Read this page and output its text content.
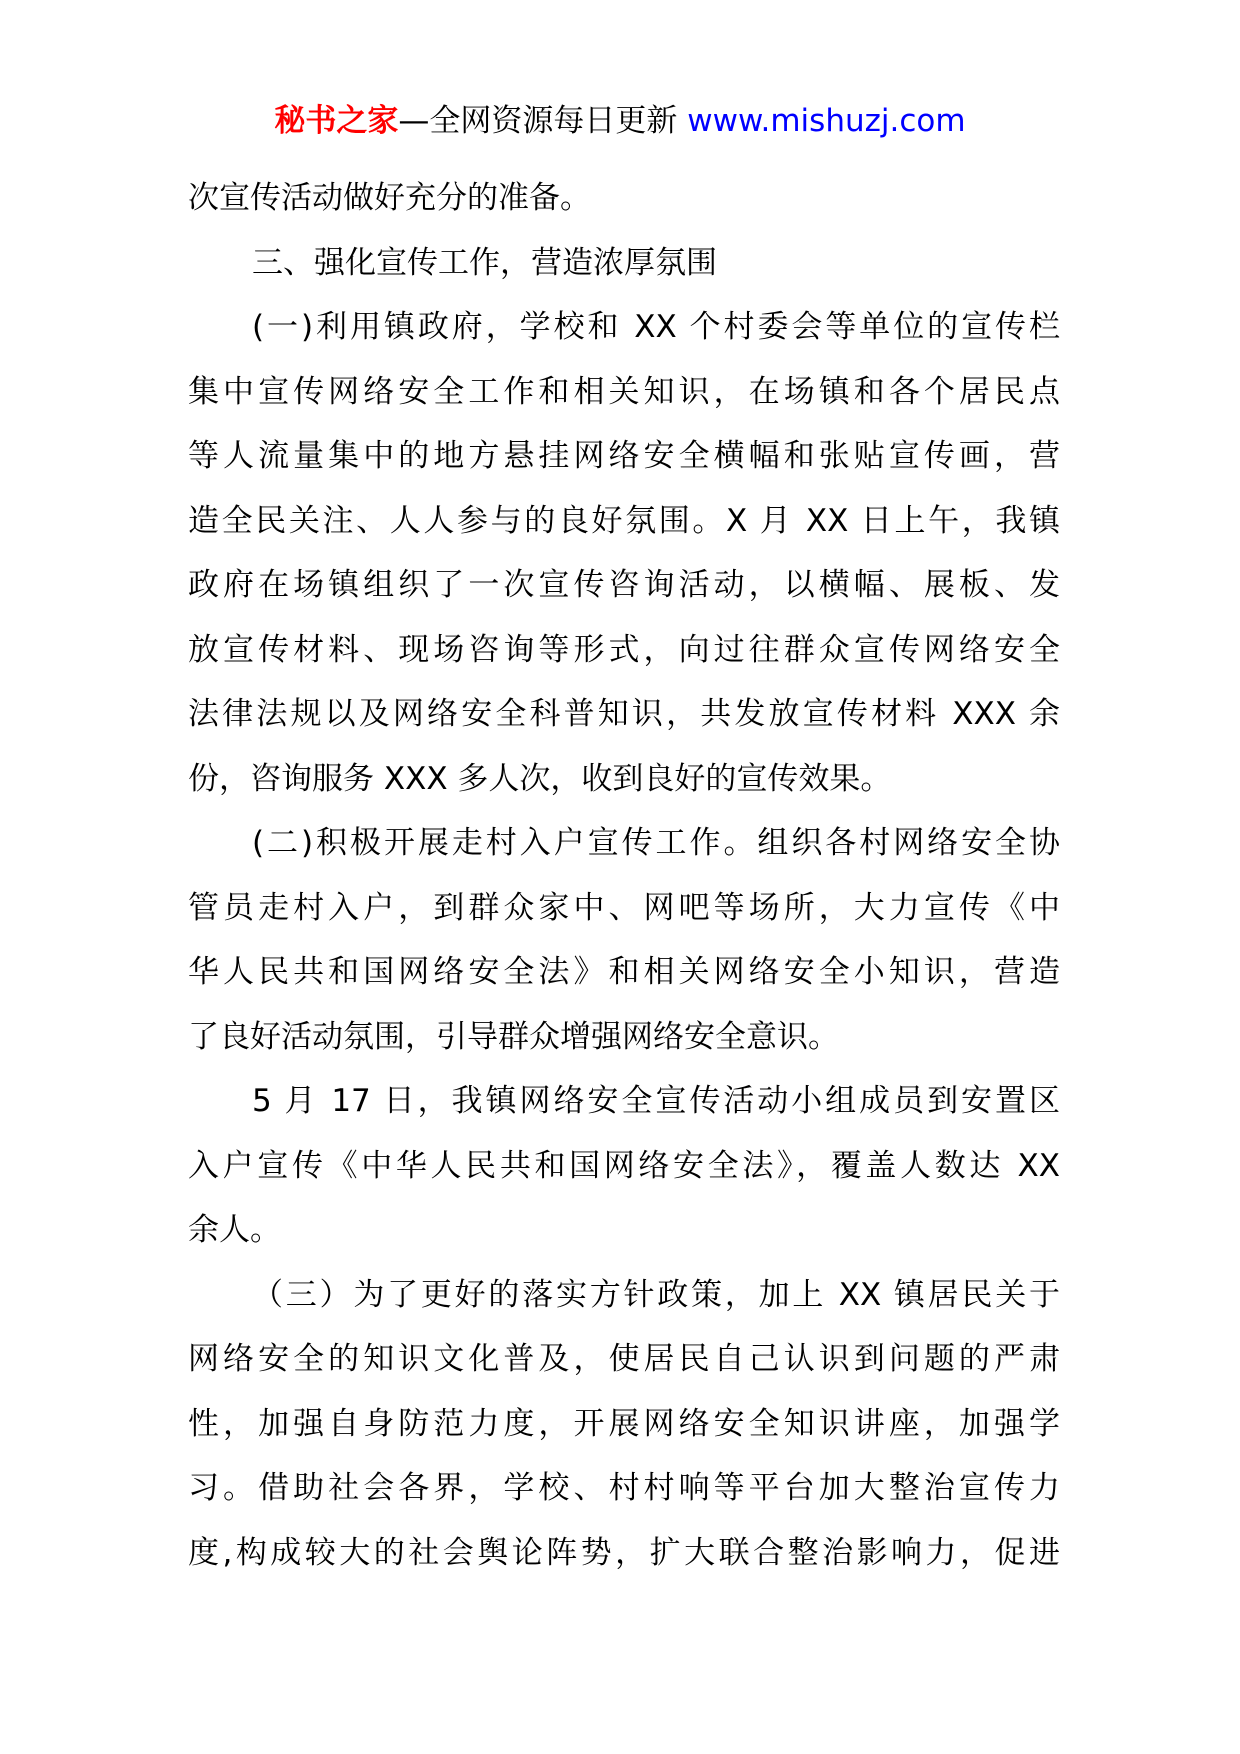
秘书之家—全网资源每日更新 www.mishuzj.com
次宣传活动做好充分的准备。
三、强化宣传工作，营造浓厚氛围
(一)利用镇政府，学校和 XX 个村委会等单位的宣传栏
集中宣传网络安全工作和相关知识，在场镇和各个居民点
等人流量集中的地方悬挂网络安全横幅和张贴宣传画，营
造全民关注、人人参与的良好氛围。X 月 XX 日上午，我镇
政府在场镇组织了一次宣传咨询活动，以横幅、展板、发
放宣传材料、现场咨询等形式，向过往群众宣传网络安全
法律法规以及网络安全科普知识，共发放宣传材料 XXX 余
份，咨询服务 XXX 多人次，收到良好的宣传效果。
(二)积极开展走村入户宣传工作。组织各村网络安全协
管员走村入户，到群众家中、网吧等场所，大力宣传《中
华人民共和国网络安全法》和相关网络安全小知识，营造
了良好活动氛围，引导群众增强网络安全意识。
5 月 17 日，我镇网络安全宣传活动小组成员到安置区
入户宣传《中华人民共和国网络安全法》，覆盖人数达 XX
余人。
（三）为了更好的落实方针政策，加上 XX 镇居民关于
网络安全的知识文化普及，使居民自己认识到问题的严肃
性，加强自身防范力度，开展网络安全知识讲座，加强学
习。借助社会各界，学校、村村响等平台加大整治宣传力
度,构成较大的社会舆论阵势，扩大联合整治影响力，促进
